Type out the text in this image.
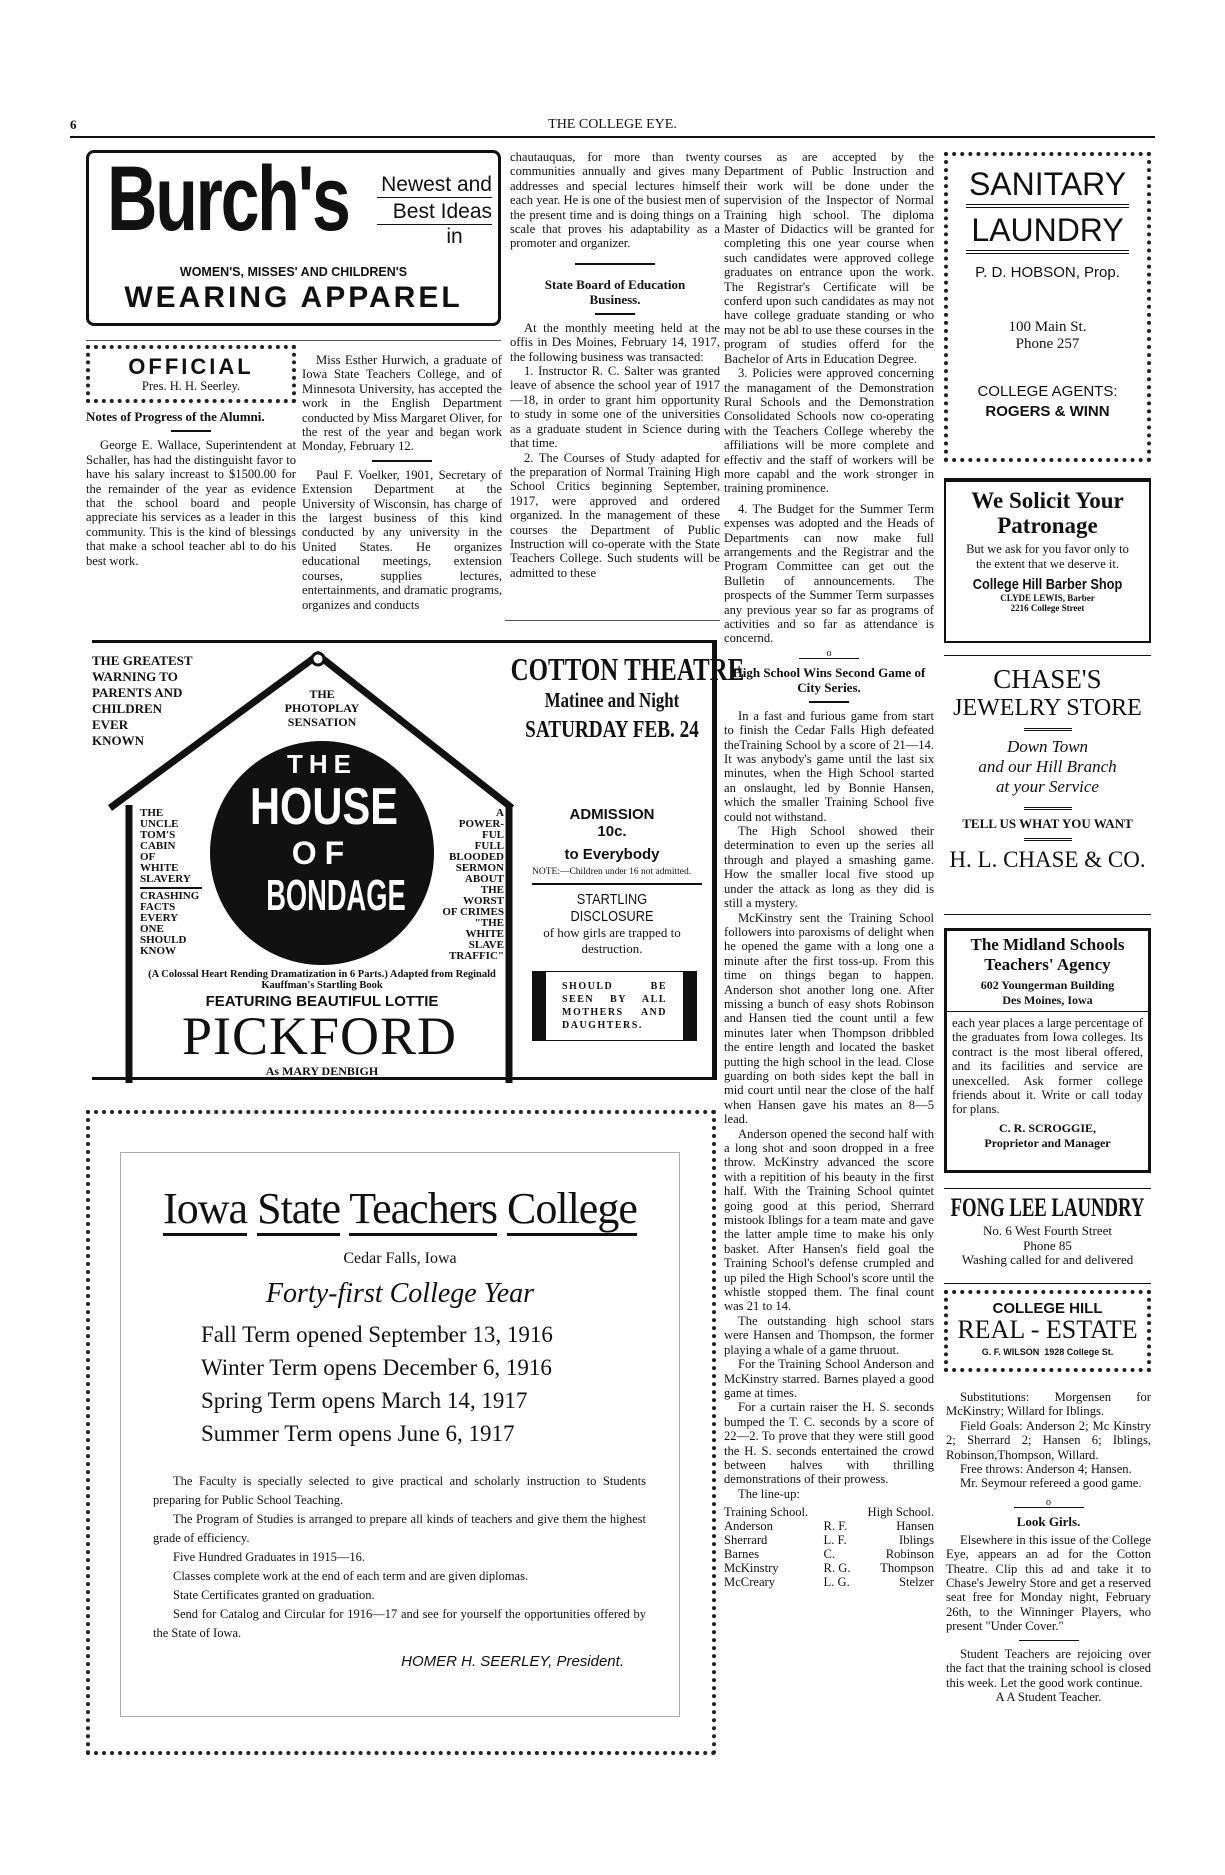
6	THE COLLEGE EYE.
Burch's Newest and
Best Ideas
in
WOMEN'S, MISSES' AND CHILDREN'S
WEARING APPAREL
OFFICIAL
Pres. H. H. Seerley.
Notes of Progress of the Alumni.

George E. Wallace, Superintendent at Schaller, has had the distinguisht favor to have his salary increast to $1500.00 for the remainder of the year as evidence that the school board and people appreciate his services as a leader in this community. This is the kind of blessings that make a school teacher abl to do his best work.

Miss Esther Hurwich, a graduate of Iowa State Teachers College, and of Minnesota University, has accepted the work in the English Department conducted by Miss Margaret Oliver, for the rest of the year and began work Monday, February 12.

Paul F. Voelker, 1901, Secretary of Extension Department at the University of Wisconsin, has charge of the largest business of this kind conducted by any university in the United States. He organizes educational meetings, extension courses, supplies lectures, entertainments, and dramatic programs, organizes and conducts

chautauquas, for more than twenty communities annually and gives many addresses and special lectures himself each year. He is one of the busiest men of the present time and is doing things on a scale that proves his adaptability as a promoter and organizer.

State Board of Education Business.

At the monthly meeting held at the offis in Des Moines, February 14, 1917, the following business was transacted:

1. Instructor R. C. Salter was granted leave of absence the school year of 1917—18, in order to grant him opportunity to study in some one of the universities as a graduate student in Science during that time.

2. The Courses of Study adapted for the preparation of Normal Training High School Critics beginning September, 1917, were approved and ordered organized. In the management of these courses the Department of Public Instruction will co-operate with the State Teachers College. Such students will be admitted to these

courses as are accepted by the Department of Public Instruction and their work will be done under the supervision of the Inspector of Normal Training high school. The diploma Master of Didactics will be granted for completing this one year course when such candidates were approved college graduates on entrance upon the work. The Registrar's Certificate will be conferd upon such candidates as may not have college graduate standing or who may not be abl to use these courses in the program of studies offerd for the Bachelor of Arts in Education Degree.

3. Policies were approved concerning the managament of the Demonstration Rural Schools and the Demonstration Consolidated Schools now co-operating with the Teachers College whereby the affiliations will be more complete and effectiv and the staff of workers will be more capabl and the work stronger in training prominence.

4. The Budget for the Summer Term expenses was adopted and the Heads of Departments can now make full arrangements and the Registrar and the Program Committee can get out the Bulletin of announcements. The prospects of the Summer Term surpasses any previous year so far as programs of activities and so far as attendance is concernd.

o
High School Wins Second Game of City Series.

In a fast and furious game from start to finish the Cedar Falls High defeated theTraining School by a score of 21—14. It was anybody's game until the last six minutes, when the High School started an onslaught, led by Bonnie Hansen, which the smaller Training School five could not withstand.

The High School showed their determination to even up the series all through and played a smashing game. How the smaller local five stood up under the attack as long as they did is still a mystery.

McKinstry sent the Training School followers into paroxisms of delight when he opened the game with a long one a minute after the first toss-up. From this time on things began to happen. Anderson shot another long one. After missing a bunch of easy shots Robinson and Hansen tied the count until a few minutes later when Thompson dribbled the entire length and located the basket putting the high school in the lead. Close guarding on both sides kept the ball in mid court until near the close of the half when Hansen gave his mates an 8—5 lead.

Anderson opened the second half with a long shot and soon dropped in a free throw. McKinstry advanced the score with a repitition of his beauty in the first half. With the Training School quintet going good at this period, Sherrard mistook Iblings for a team mate and gave the latter ample time to make his only basket. After Hansen's field goal the Training School's defense crumpled and up piled the High School's score until the whistle stopped them. The final count was 21 to 14.

The outstanding high school stars were Hansen and Thompson, the former playing a whale of a game thruout.

For the Training School Anderson and McKinstry starred. Barnes played a good game at times.

For a curtain raiser the H. S. seconds bumped the T. C. seconds by a score of 22—2. To prove that they were still good the H. S. seconds entertained the crowd between halves with thrilling demonstrations of their prowess.

The line-up:

Training School.		High School.
Anderson	R. F.	Hansen
Sherrard	L. F.	Iblings
Barnes	C.	Robinson
McKinstry	R. G.	Thompson
McCreary	L. G.	Stelzer
SANITARY
LAUNDRY
P. D. HOBSON, Prop.
100 Main St.
Phone 257
COLLEGE AGENTS:
ROGERS & WINN
We Solicit Your
Patronage
But we ask for you favor only to the extent that we deserve it.
College Hill Barber Shop
CLYDE LEWIS, Barber
2216 College Street
CHASE'S
JEWELRY STORE
Down Town
and our Hill Branch
at your Service
TELL US WHAT YOU WANT
H. L. CHASE & CO.
The Midland Schools
Teachers' Agency
602 Youngerman Building
Des Moines, Iowa
each year places a large percentage of the graduates from Iowa colleges. Its contract is the most liberal offered, and its facilities and service are unexcelled. Ask former college friends about it. Write or call today for plans.
C. R. SCROGGIE,
Proprietor and Manager
FONG LEE LAUNDRY
No. 6 West Fourth Street
Phone 85
Washing called for and delivered
COLLEGE HILL
REAL - ESTATE
G. F. WILSON 1928 College St.

Substitutions: Morgensen for McKinstry; Willard for Iblings.

Field Goals: Anderson 2; Mc Kinstry 2; Sherrard 2; Hansen 6; Iblings, Robinson,Thompson, Willard.

Free throws: Anderson 4; Hansen.

Mr. Seymour refereed a good game.

o
Look Girls.

Elsewhere in this issue of the College Eye, appears an ad for the Cotton Theatre. Clip this ad and take it to Chase's Jewelry Store and get a reserved seat free for Monday night, February 26th, to the Winninger Players, who present "Under Cover."

Student Teachers are rejoicing over the fact that the training school is closed this week. Let the good work continue.

A A Student Teacher.
THE GREATEST
WARNING TO
PARENTS AND
CHILDREN
EVER
KNOWN
THE
PHOTOPLAY
SENSATION
THE
HOUSE
OF
BONDAGE
THE
UNCLE
TOM'S
CABIN
OF
WHITE
SLAVERY
CRASHING
FACTS
EVERY
ONE
SHOULD
KNOW
A
POWER-
FUL
FULL
BLOODED
SERMON
ABOUT
THE
WORST
OF CRIMES
"THE
WHITE
SLAVE
TRAFFIC"
(A Colossal Heart Rending Dramatization in 6 Parts.) Adapted from Reginald Kauffman's Startling Book
FEATURING BEAUTIFUL LOTTIE
PICKFORD
As MARY DENBIGH
COTTON THEATRE
Matinee and Night
SATURDAY FEB. 24
ADMISSION
10c.
to Everybody
NOTE:—Children under 16 not admitted.
STARTLING
DISCLOSURE
of how girls are trapped to destruction.
SHOULD BE SEEN BY ALL MOTHERS AND DAUGHTERS.
Iowa State Teachers College
Cedar Falls, Iowa
Forty-first College Year
Fall Term opened September 13, 1916
Winter Term opens December 6, 1916
Spring Term opens March 14, 1917
Summer Term opens June 6, 1917

The Faculty is specially selected to give practical and scholarly instruction to Students preparing for Public School Teaching.

The Program of Studies is arranged to prepare all kinds of teachers and give them the highest grade of efficiency.

Five Hundred Graduates in 1915—16.

Classes complete work at the end of each term and are given diplomas.

State Certificates granted on graduation.

Send for Catalog and Circular for 1916—17 and see for yourself the opportunities offered by the State of Iowa.

HOMER H. SEERLEY, President.
